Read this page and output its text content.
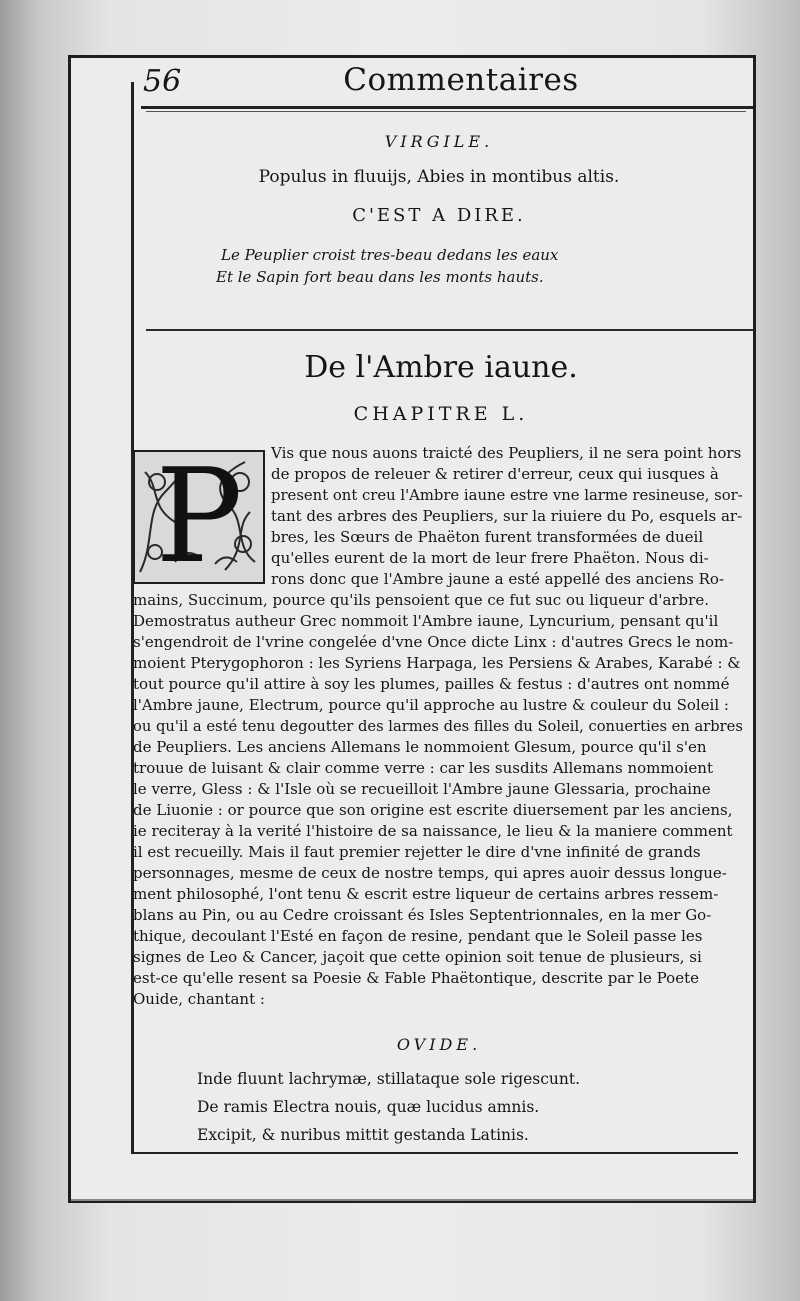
56	Commentaires
VIRGILE.
Populus in fluuijs, Abies in montibus altis.
C'EST A DIRE.
Le Peuplier croist tres-beau dedans les eaux
Et le Sapin fort beau dans les monts hauts.
De l'Ambre iaune.
CHAPITRE L.
P	Vis que nous auons traicté des Peupliers, il ne sera point hors
de propos de releuer & retirer d'erreur, ceux qui iusques à
present ont creu l'Ambre iaune estre vne larme resineuse, sor-
tant des arbres des Peupliers, sur la riuiere du Po, esquels ar-
bres, les Sœurs de Phaëton furent transformées de dueil
qu'elles eurent de la mort de leur frere Phaëton. Nous di-
rons donc que l'Ambre jaune a esté appellé des anciens Ro-
mains, Succinum, pource qu'ils pensoient que ce fut suc ou liqueur d'arbre.
Demostratus autheur Grec nommoit l'Ambre iaune, Lyncurium, pensant qu'il
s'engendroit de l'vrine congelée d'vne Once dicte Linx : d'autres Grecs le nom-
moient Pterygophoron : les Syriens Harpaga, les Persiens & Arabes, Karabé : &
tout pource qu'il attire à soy les plumes, pailles & festus : d'autres ont nommé
l'Ambre jaune, Electrum, pource qu'il approche au lustre & couleur du Soleil :
ou qu'il a esté tenu degoutter des larmes des filles du Soleil, conuerties en arbres
de Peupliers. Les anciens Allemans le nommoient Glesum, pource qu'il s'en
trouue de luisant & clair comme verre : car les susdits Allemans nommoient
le verre, Gless : & l'Isle où se recueilloit l'Ambre jaune Glessaria, prochaine
de Liuonie : or pource que son origine est escrite diuersement par les anciens,
ie reciteray à la verité l'histoire de sa naissance, le lieu & la maniere comment
il est recueilly. Mais il faut premier rejetter le dire d'vne infinité de grands
personnages, mesme de ceux de nostre temps, qui apres auoir dessus longue-
ment philosophé, l'ont tenu & escrit estre liqueur de certains arbres ressem-
blans au Pin, ou au Cedre croissant és Isles Septentrionnales, en la mer Go-
thique, decoulant l'Esté en façon de resine, pendant que le Soleil passe les
signes de Leo & Cancer, jaçoit que cette opinion soit tenue de plusieurs, si
est-ce qu'elle resent sa Poesie & Fable Phaëtontique, descrite par le Poete
Ouide, chantant :
OVIDE.
Inde fluunt lachrymæ, stillataque sole rigescunt.
De ramis Electra nouis, quæ lucidus amnis.
Excipit, & nuribus mittit gestanda Latinis.
